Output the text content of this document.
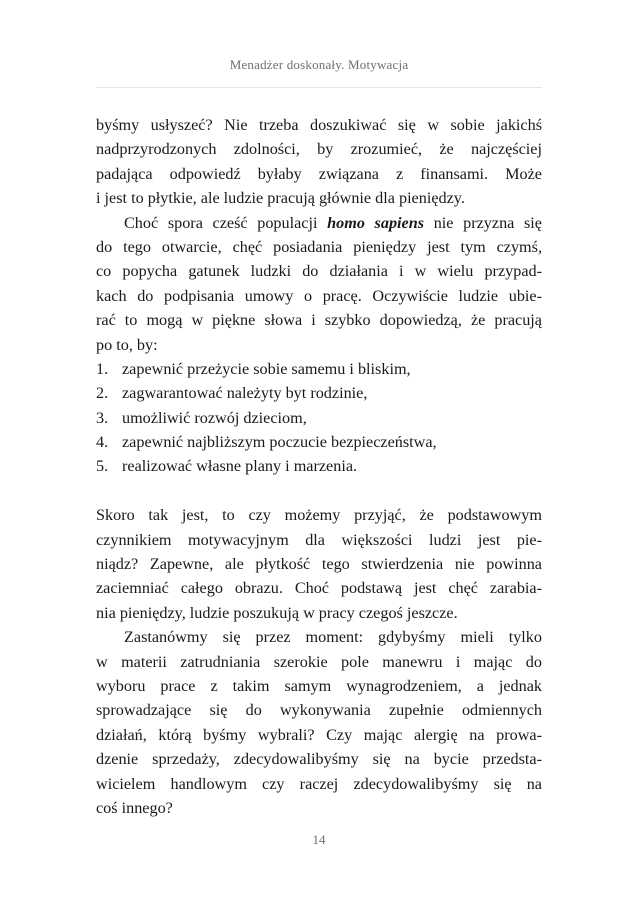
Menadżer doskonały. Motywacja
byśmy usłyszeć? Nie trzeba doszukiwać się w sobie jakichś
nadprzyrodzonych zdolności, by zrozumieć, że najczęściej
padająca odpowiedź byłaby związana z finansami. Może
i jest to płytkie, ale ludzie pracują głównie dla pieniędzy.
Choć spora cześć populacji homo sapiens nie przyzna się
do tego otwarcie, chęć posiadania pieniędzy jest tym czymś,
co popycha gatunek ludzki do działania i w wielu przypad-
kach do podpisania umowy o pracę. Oczywiście ludzie ubie-
rać to mogą w piękne słowa i szybko dopowiedzą, że pracują
po to, by:
1. zapewnić przeżycie sobie samemu i bliskim,
2. zagwarantować należyty byt rodzinie,
3. umożliwić rozwój dzieciom,
4. zapewnić najbliższym poczucie bezpieczeństwa,
5. realizować własne plany i marzenia.
Skoro tak jest, to czy możemy przyjąć, że podstawowym
czynnikiem motywacyjnym dla większości ludzi jest pie-
niądz? Zapewne, ale płytkość tego stwierdzenia nie powinna
zaciemniać całego obrazu. Choć podstawą jest chęć zarabia-
nia pieniędzy, ludzie poszukują w pracy czegoś jeszcze.
Zastanówmy się przez moment: gdybyśmy mieli tylko
w materii zatrudniania szerokie pole manewru i mając do
wyboru prace z takim samym wynagrodzeniem, a jednak
sprowadzające się do wykonywania zupełnie odmiennych
działań, którą byśmy wybrali? Czy mając alergię na prowa-
dzenie sprzedaży, zdecydowalibyśmy się na bycie przedsta-
wicielem handlowym czy raczej zdecydowalibyśmy się na
coś innego?
14
